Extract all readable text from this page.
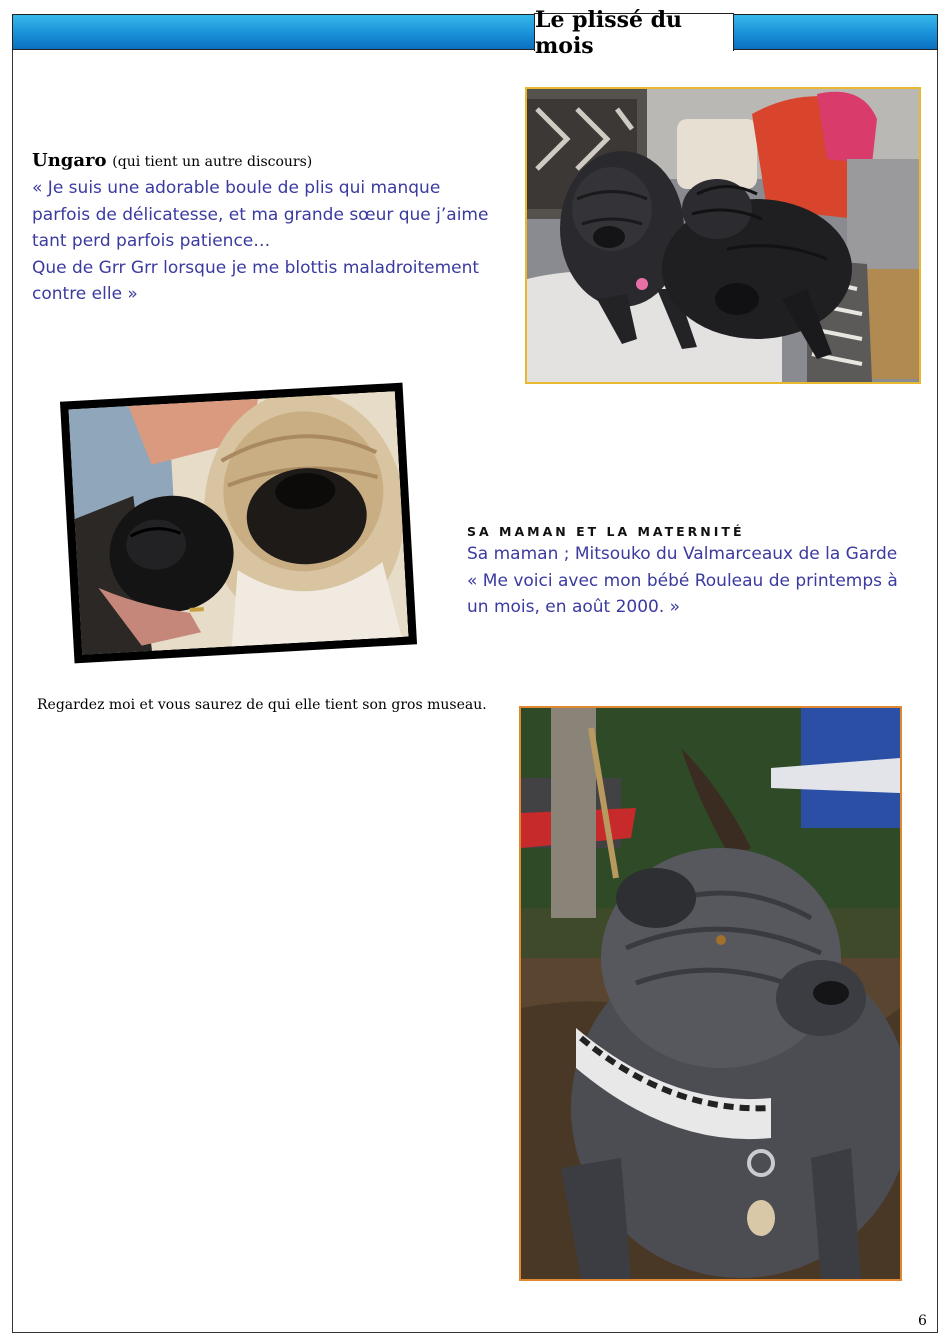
Le plissé du mois
Ungaro (qui tient un autre discours)
« Je suis une adorable boule de plis qui manque
parfois de délicatesse, et ma grande sœur que j’aime
tant perd parfois patience…
Que de Grr Grr lorsque je me blottis maladroitement
contre elle »
SA MAMAN ET LA MATERNITÉ
Sa maman ; Mitsouko du Valmarceaux de la Garde
« Me voici avec mon bébé Rouleau de printemps à
un mois, en août 2000. »
Regardez moi et vous saurez de qui elle tient son gros museau.
6
